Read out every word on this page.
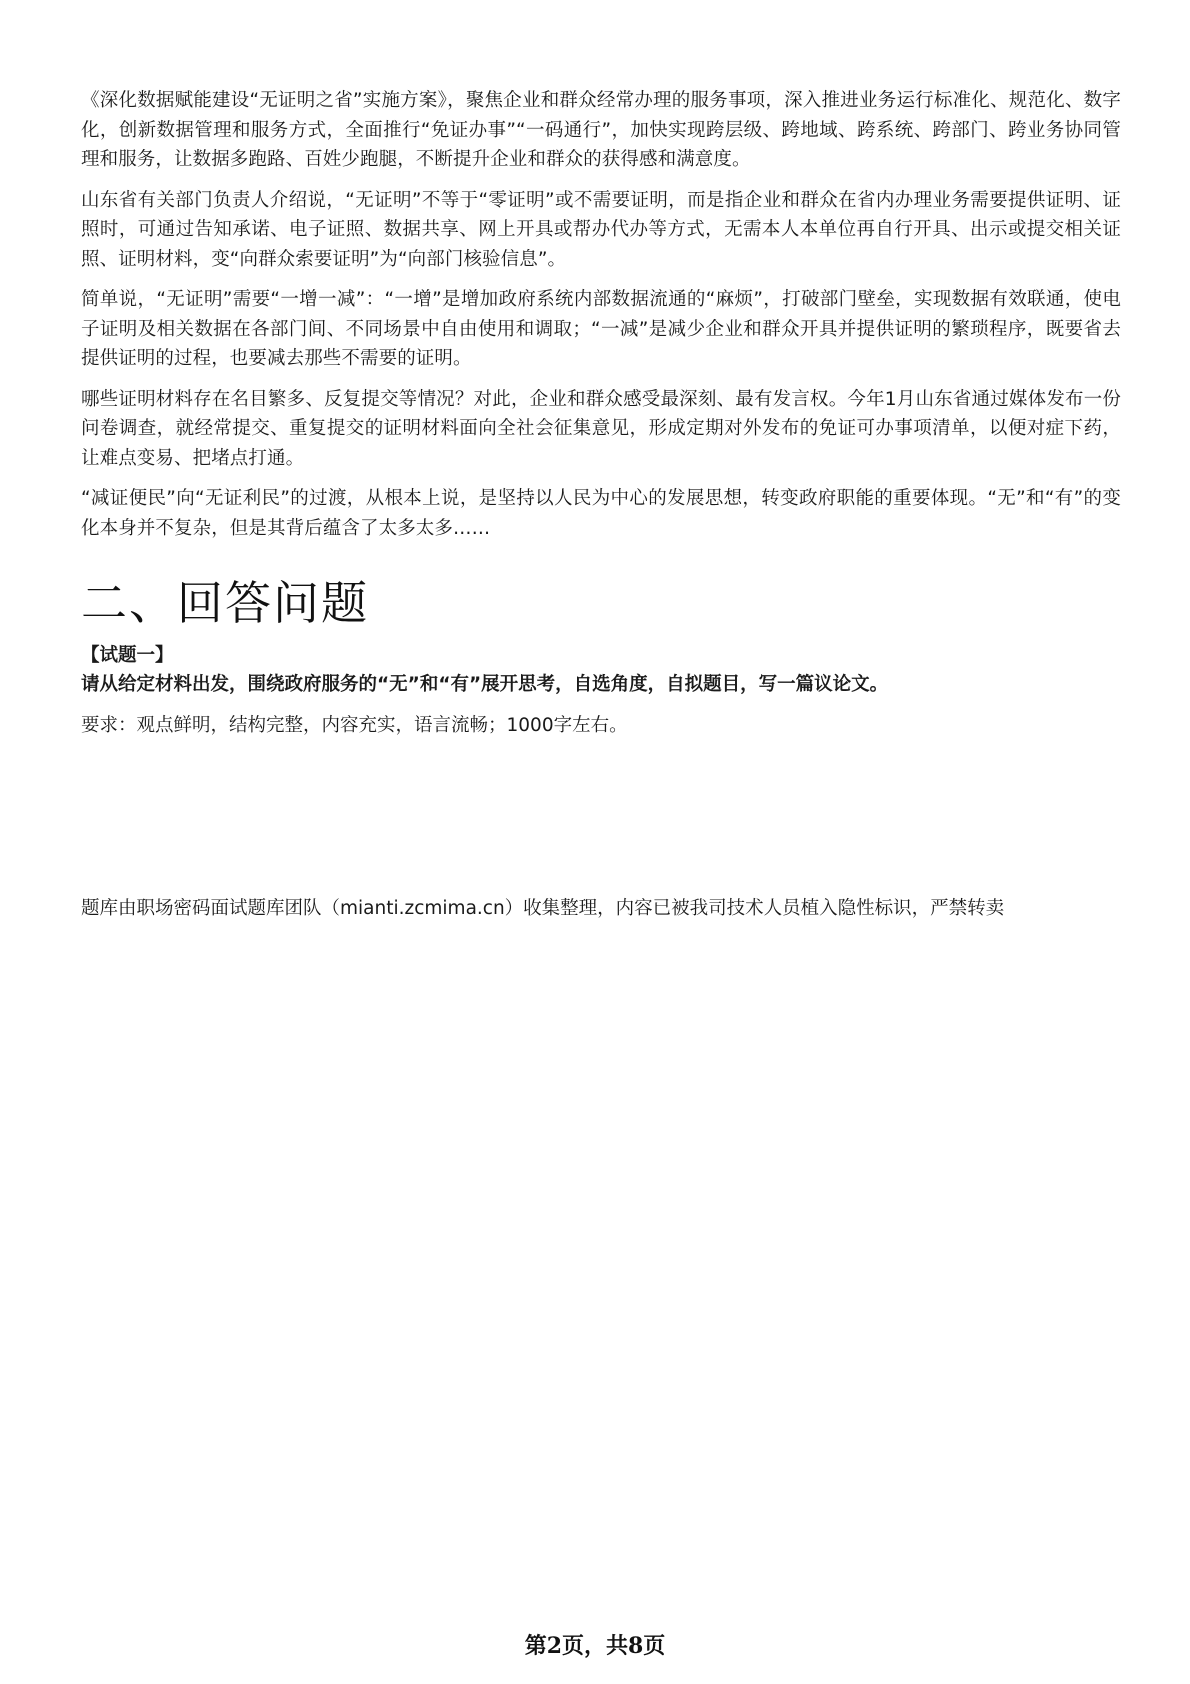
《深化数据赋能建设“无证明之省”实施方案》，聚焦企业和群众经常办理的服务事项，深入推进业务运行标准化、规范化、数字化，创新数据管理和服务方式，全面推行“免证办事”“一码通行”，加快实现跨层级、跨地域、跨系统、跨部门、跨业务协同管理和服务，让数据多跑路、百姓少跑腿，不断提升企业和群众的获得感和满意度。

山东省有关部门负责人介绍说，“无证明”不等于“零证明”或不需要证明，而是指企业和群众在省内办理业务需要提供证明、证照时，可通过告知承诺、电子证照、数据共享、网上开具或帮办代办等方式，无需本人本单位再自行开具、出示或提交相关证照、证明材料，变“向群众索要证明”为“向部门核验信息”。

简单说，“无证明”需要“一增一减”：“一增”是增加政府系统内部数据流通的“麻烦”，打破部门壁垒，实现数据有效联通，使电子证明及相关数据在各部门间、不同场景中自由使用和调取；“一减”是减少企业和群众开具并提供证明的繁琐程序，既要省去提供证明的过程，也要减去那些不需要的证明。

哪些证明材料存在名目繁多、反复提交等情况？对此，企业和群众感受最深刻、最有发言权。今年1月山东省通过媒体发布一份问卷调查，就经常提交、重复提交的证明材料面向全社会征集意见，形成定期对外发布的免证可办事项清单，以便对症下药，让难点变易、把堵点打通。

“减证便民”向“无证利民”的过渡，从根本上说，是坚持以人民为中心的发展思想，转变政府职能的重要体现。“无”和“有”的变化本身并不复杂，但是其背后蕴含了太多太多……

二、回答问题

【试题一】

请从给定材料出发，围绕政府服务的“无”和“有”展开思考，自选角度，自拟题目，写一篇议论文。

要求：观点鲜明，结构完整，内容充实，语言流畅；1000字左右。

题库由职场密码面试题库团队（mianti.zcmima.cn）收集整理，内容已被我司技术人员植入隐性标识，严禁转卖
第2页，共8页
